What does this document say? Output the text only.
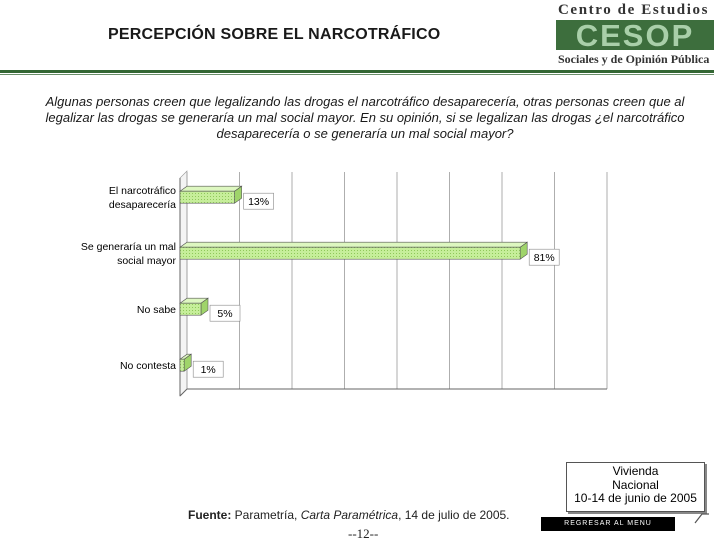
PERCEPCIÓN SOBRE EL NARCOTRÁFICO
Centro de Estudios
CESOP
Sociales y de Opinión Pública
Algunas personas creen que legalizando las drogas el narcotráfico desaparecería, otras personas creen que al legalizar las drogas se generaría un mal social mayor. En su opinión, si se legalizan las drogas ¿el narcotráfico desaparecería o se generaría un mal social mayor?
El narcotráfico
desaparecería	13%
Se generaría un mal
social mayor	81%
No sabe	5%
No contesta 1%
Fuente: Parametría, Carta Paramétrica, 14 de julio de 2005.
--12--
Vivienda
Nacional
10-14 de junio de 2005
REGRESAR AL MENU PRINCIPAL
